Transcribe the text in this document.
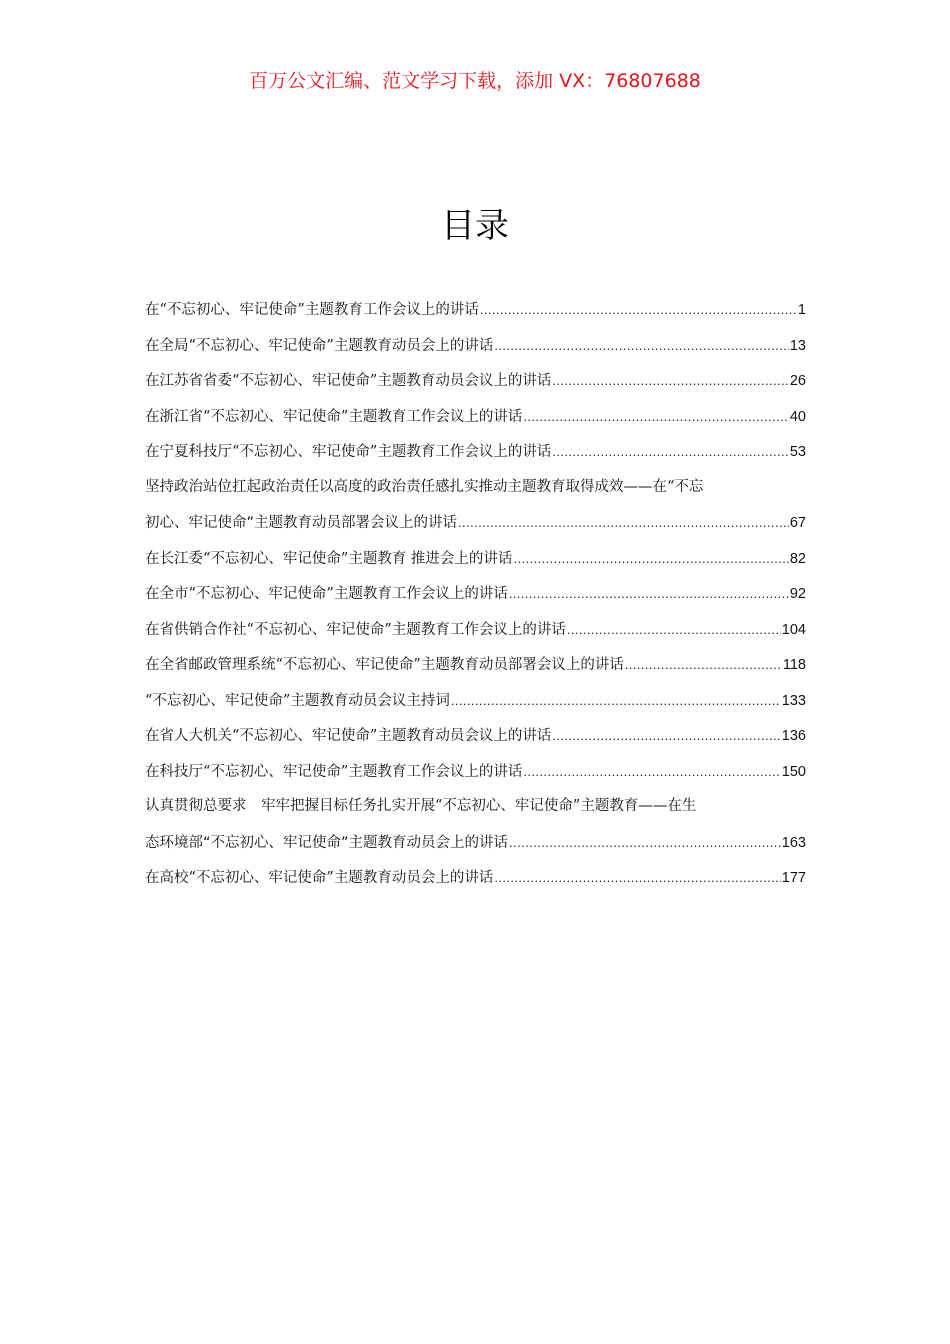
百万公文汇编、范文学习下载，添加 VX：76807688
目录
在“不忘初心、牢记使命”主题教育工作会议上的讲话 .....	1
在全局“不忘初心、牢记使命”主题教育动员会上的讲话 .....	13
在江苏省省委“不忘初心、牢记使命”主题教育动员会议上的讲话 .....	26
在浙江省“不忘初心、牢记使命”主题教育工作会议上的讲话 .....	40
在宁夏科技厅“不忘初心、牢记使命”主题教育工作会议上的讲话 .....	53
坚持政治站位扛起政治责任以高度的政治责任感扎实推动主题教育取得成效——在“不忘
初心、牢记使命”主题教育动员部署会议上的讲话 .....	67
在长江委“不忘初心、牢记使命”主题教育 推进会上的讲话 .....	82
在全市“不忘初心、牢记使命”主题教育工作会议上的讲话 .....	92
在省供销合作社“不忘初心、牢记使命”主题教育工作会议上的讲话 .....	104
在全省邮政管理系统“不忘初心、牢记使命”主题教育动员部署会议上的讲话 .....	118
“不忘初心、牢记使命”主题教育动员会议主持词 .....	133
在省人大机关“不忘初心、牢记使命”主题教育动员会议上的讲话 .....	136
在科技厅“不忘初心、牢记使命”主题教育工作会议上的讲话 .....	150
认真贯彻总要求　牢牢把握目标任务扎实开展“不忘初心、牢记使命”主题教育——在生
态环境部“不忘初心、牢记使命”主题教育动员会上的讲话 .....	163
在高校“不忘初心、牢记使命”主题教育动员会上的讲话 .....	177
